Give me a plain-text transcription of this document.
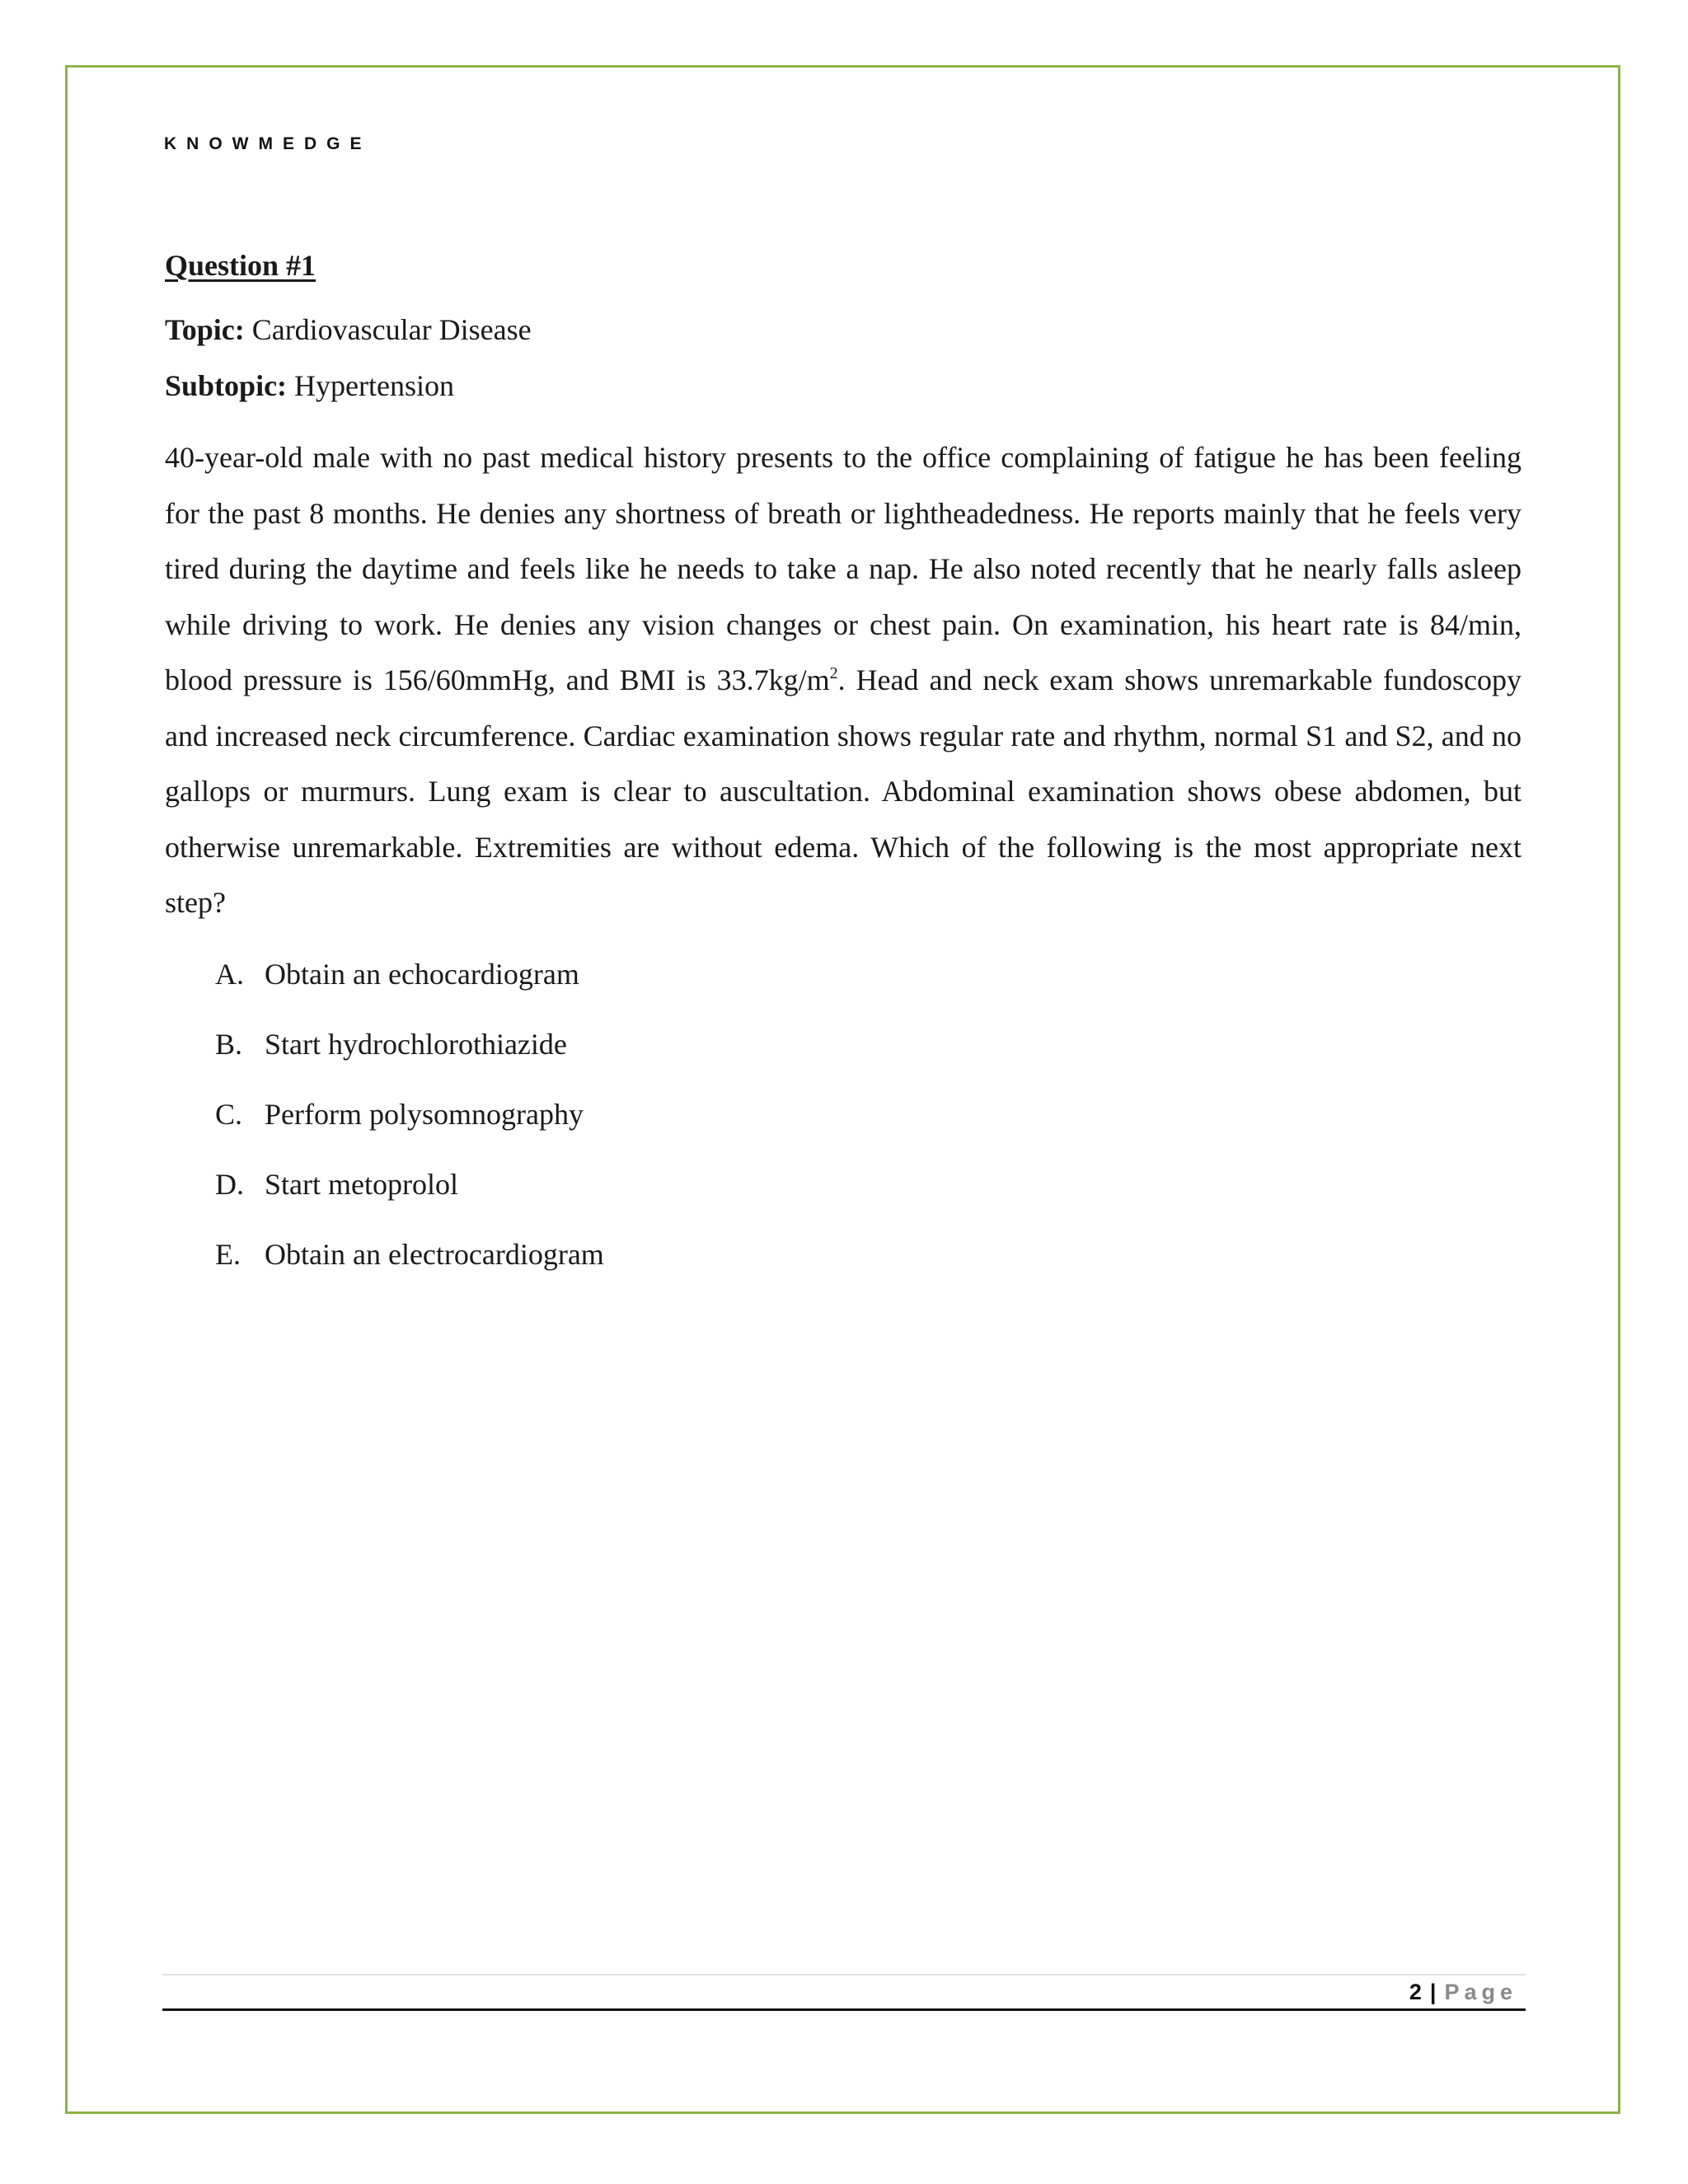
KNOWMEDGE
Question #1
Topic: Cardiovascular Disease
Subtopic: Hypertension
40-year-old male with no past medical history presents to the office complaining of fatigue he has been feeling for the past 8 months. He denies any shortness of breath or lightheadedness. He reports mainly that he feels very tired during the daytime and feels like he needs to take a nap. He also noted recently that he nearly falls asleep while driving to work. He denies any vision changes or chest pain. On examination, his heart rate is 84/min, blood pressure is 156/60mmHg, and BMI is $33.7kg/m^2$. Head and neck exam shows unremarkable fundoscopy and increased neck circumference. Cardiac examination shows regular rate and rhythm, normal S1 and S2, and no gallops or murmurs. Lung exam is clear to auscultation. Abdominal examination shows obese abdomen, but otherwise unremarkable. Extremities are without edema. Which of the following is the most appropriate next step?
A. Obtain an echocardiogram
B. Start hydrochlorothiazide
C. Perform polysomnography
D. Start metoprolol
E. Obtain an electrocardiogram
2 | Page
